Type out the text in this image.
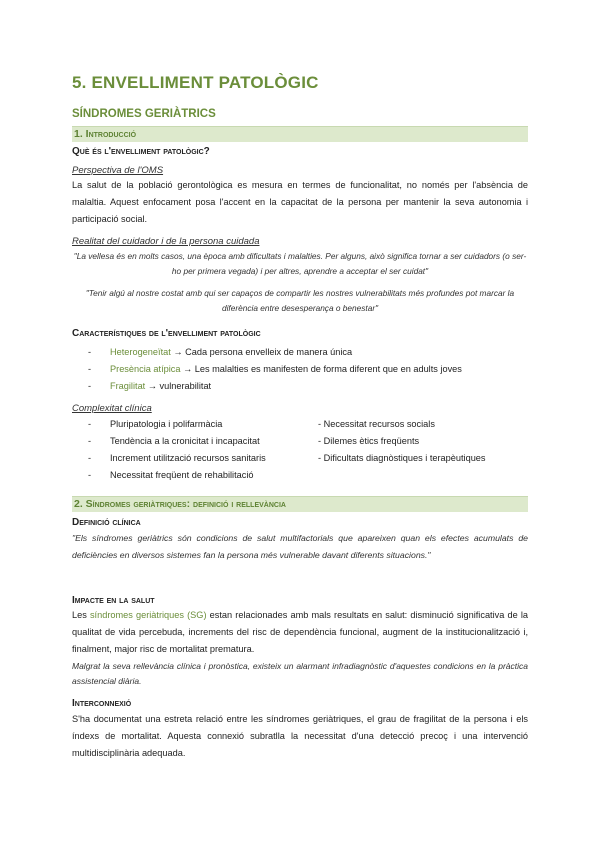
5. ENVELLIMENT PATOLÒGIC
SÍNDROMES GERIÀTRICS
1. Introducció
Què és l'envelliment patològic?
Perspectiva de l'OMS
La salut de la població gerontològica es mesura en termes de funcionalitat, no només per l'absència de malaltia. Aquest enfocament posa l'accent en la capacitat de la persona per mantenir la seva autonomia i participació social.
Realitat del cuidador i de la persona cuidada
"La vellesa és en molts casos, una època amb dificultats i malalties. Per alguns, això significa tornar a ser cuidadors (o ser-ho per primera vegada) i per altres, aprendre a acceptar el ser cuidat"
"Tenir algú al nostre costat amb qui ser capaços de compartir les nostres vulnerabilitats més profundes pot marcar la diferència entre desesperança o benestar"
Característiques de l'envelliment patològic
- Heterogeneïtat → Cada persona envelleix de manera única
- Presència atípica → Les malalties es manifesten de forma diferent que en adults joves
- Fragilitat → vulnerabilitat
Complexitat clínica
- Pluripatologia i polifarmàcia
- Tendència a la cronicitat i incapacitat
- Increment utilització recursos sanitaris
- Necessitat freqüent de rehabilitació
- Necessitat recursos socials
- Dilemes ètics freqüents
- Dificultats diagnòstiques i terapèutiques
2. Síndromes geriàtriques: definició i rellevància
Definició clínica
"Els síndromes geriàtrics són condicions de salut multifactorials que apareixen quan els efectes acumulats de deficiències en diversos sistemes fan la persona més vulnerable davant diferents situacions."
Impacte en la salut
Les síndromes geriàtriques (SG) estan relacionades amb mals resultats en salut: disminució significativa de la qualitat de vida percebuda, increments del risc de dependència funcional, augment de la institucionalització i, finalment, major risc de mortalitat prematura.
Malgrat la seva rellevància clínica i pronòstica, existeix un alarmant infradiagnòstic d'aquestes condicions en la pràctica assistencial diària.
Interconnexió
S'ha documentat una estreta relació entre les síndromes geriàtriques, el grau de fragilitat de la persona i els índexs de mortalitat. Aquesta connexió subratlla la necessitat d'una detecció precoç i una intervenció multidisciplinària adequada.
